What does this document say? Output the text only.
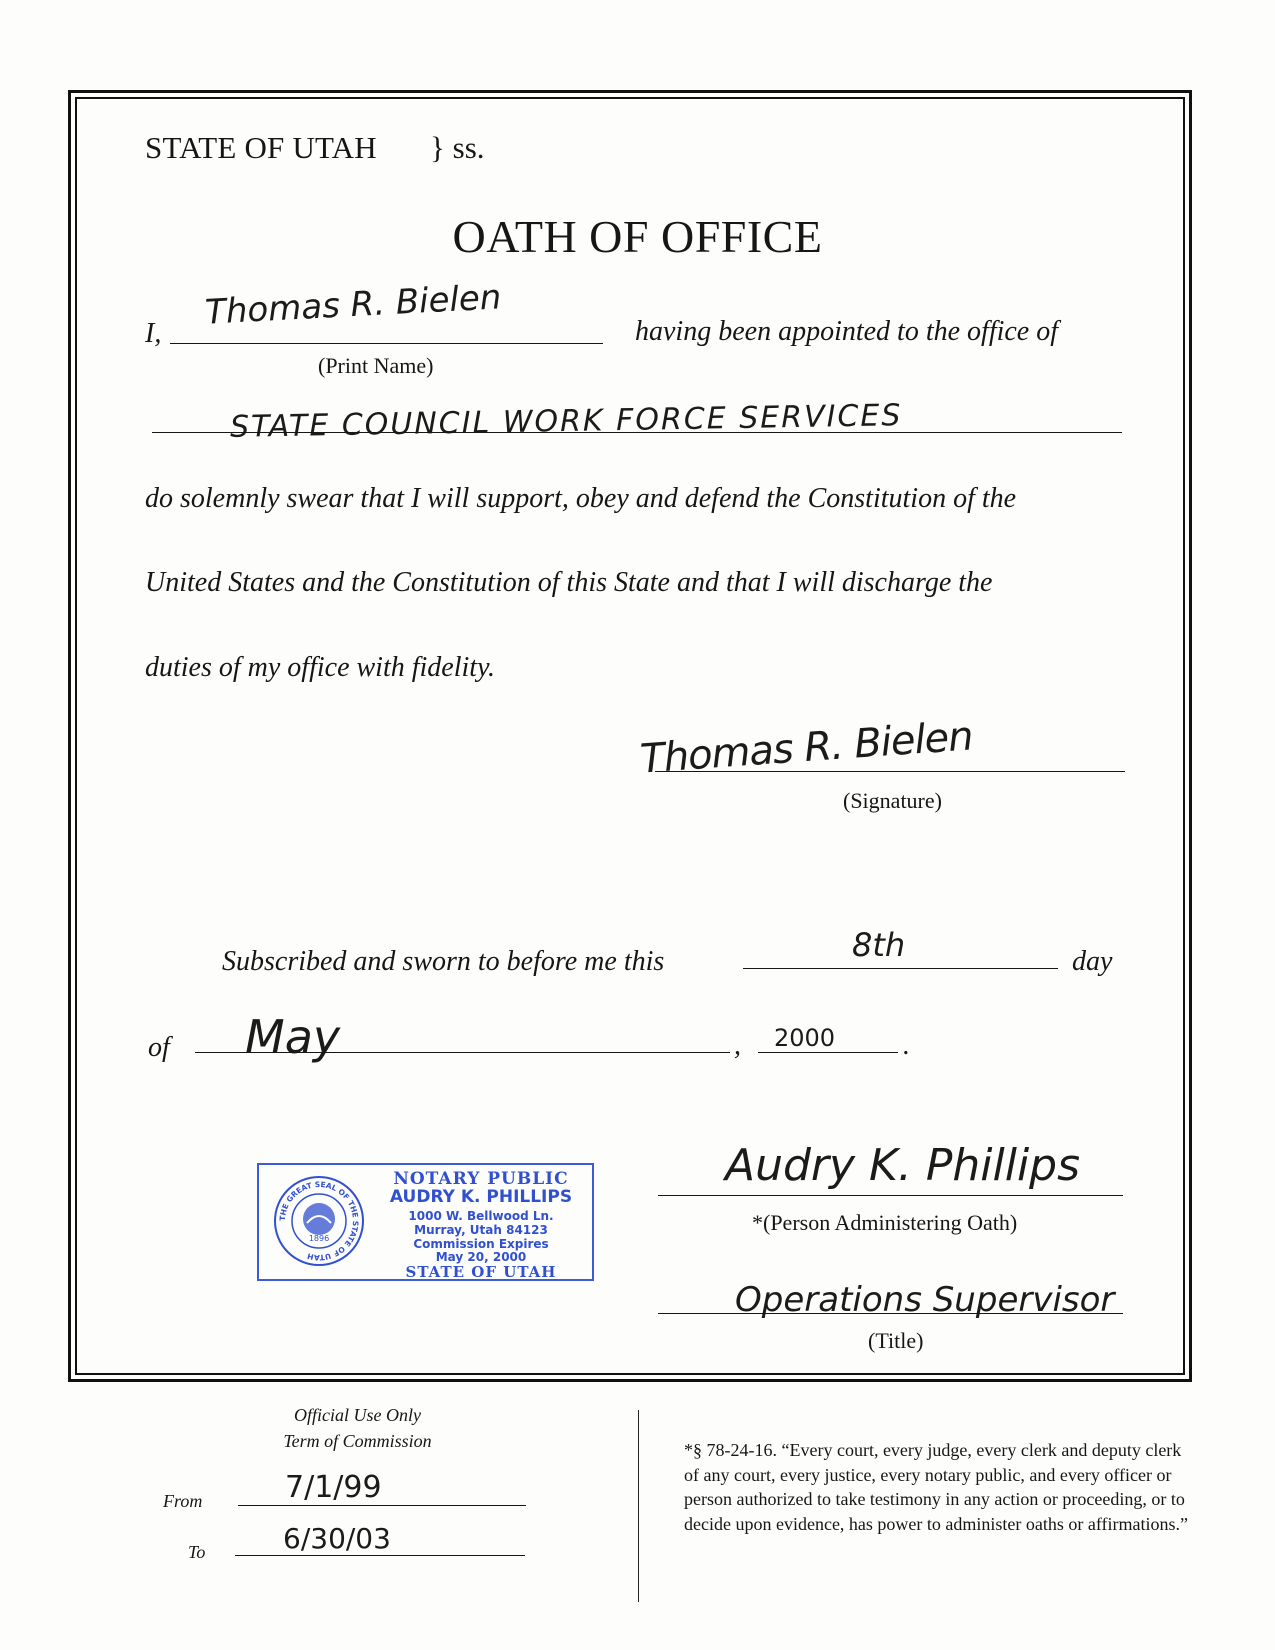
STATE OF UTAH } ss.
OATH OF OFFICE
I,
Thomas R. Bielen
(Print Name)
having been appointed to the office of
STATE COUNCIL WORK FORCE SERVICES
do solemnly swear that I will support, obey and defend the Constitution of the
United States and the Constitution of this State and that I will discharge the
duties of my office with fidelity.
Thomas R. Bielen
(Signature)
Subscribed and sworn to before me this	8th	day
of May	, 2000 .
THE GREAT SEAL OF THE STATE OF UTAH
1896
NOTARY PUBLIC
AUDRY K. PHILLIPS
1000 W. Bellwood Ln.
Murray, Utah 84123
Commission Expires
May 20, 2000
STATE OF UTAH
Audry K. Phillips
*(Person Administering Oath)
Operations Supervisor
(Title)
Official Use Only
Term of Commission
From	7/1/99
To	6/30/03
*§ 78-24-16. “Every court, every judge, every clerk and deputy clerk of any court, every justice, every notary public, and every officer or person authorized to take testimony in any action or proceeding, or to decide upon evidence, has power to administer oaths or affirmations.”
